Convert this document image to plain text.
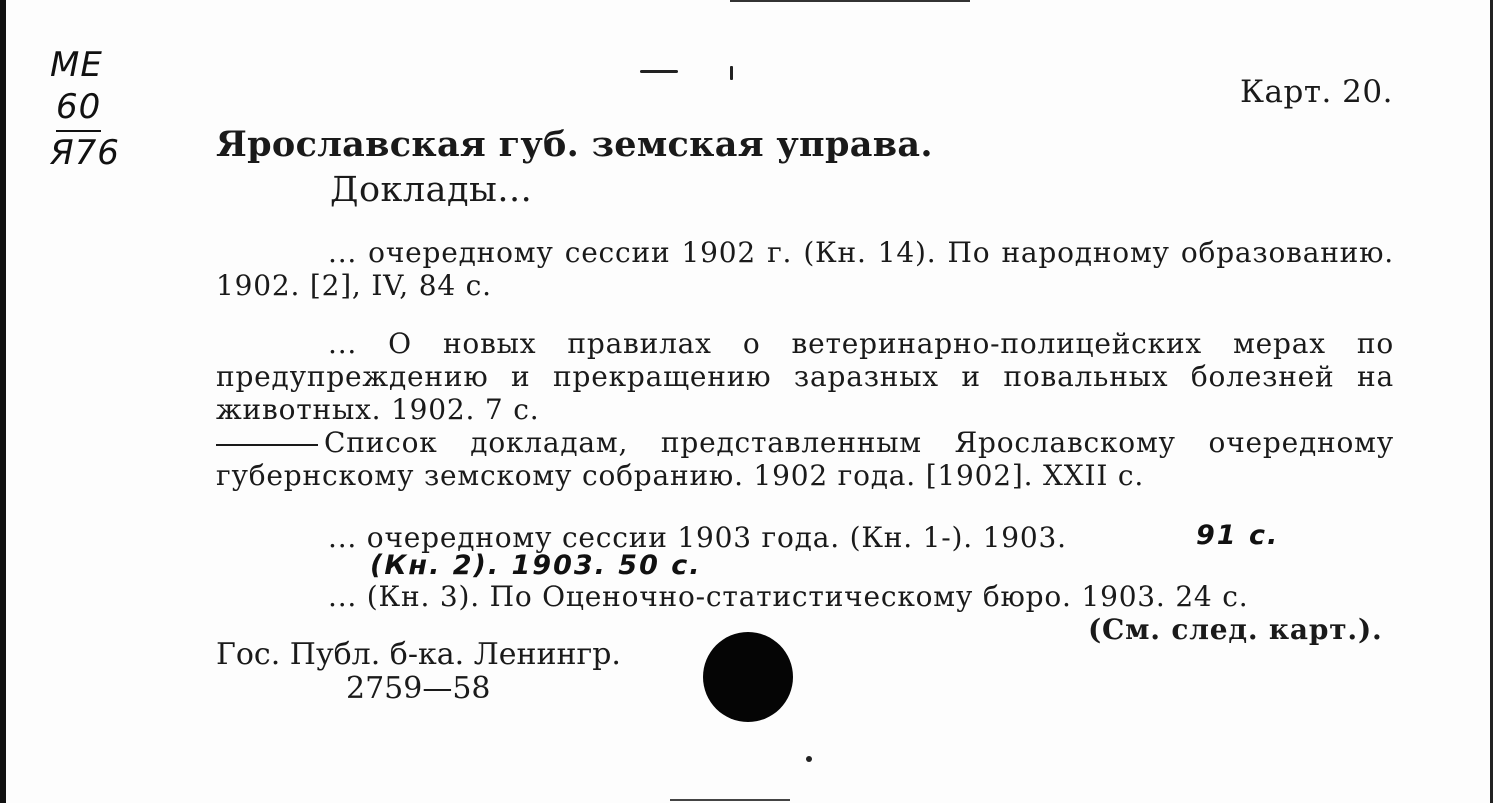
ME
60
Я76
Карт. 20.
Ярославская губ. земская управа.
Доклады...
... очередному сессии 1902 г. (Кн. 14). По народному образованию. 1902. [2], IV, 84 с.
... О новых правилах о ветеринарно-полицейских мерах по предупреждению и прекращению заразных и повальных болезней на животных. 1902. 7 с.
Список докладам, представленным Ярославскому очередному губернскому земскому собранию. 1902 года. [1902]. XXII с.
... очередному сессии 1903 года. (Кн. 1-). 1903.	91 с.
(Кн. 2). 1903. 50 с.
... (Кн. 3). По Оценочно-статистическому бюро. 1903. 24 с.
(См. след. карт.).
Гос. Публ. б-ка. Ленингр.
2759—58
